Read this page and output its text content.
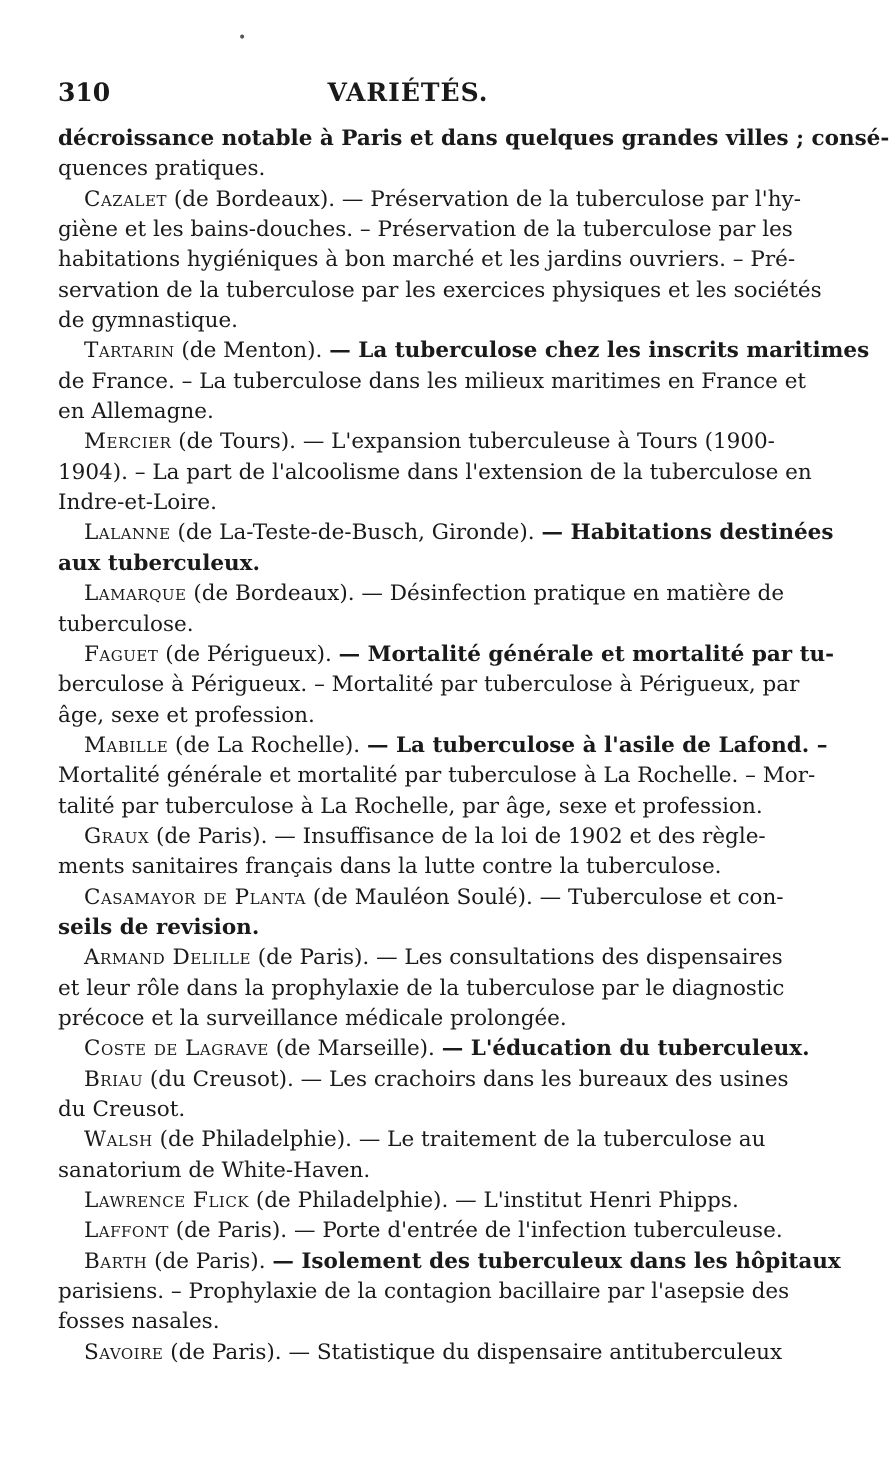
•
310	VARIÉTÉS.
décroissance notable à Paris et dans quelques grandes villes ; consé-
quences pratiques.
Cazalet (de Bordeaux). — Préservation de la tuberculose par l'hy-
giène et les bains-douches. – Préservation de la tuberculose par les
habitations hygiéniques à bon marché et les jardins ouvriers. – Pré-
servation de la tuberculose par les exercices physiques et les sociétés
de gymnastique.
Tartarin (de Menton). — La tuberculose chez les inscrits maritimes
de France. – La tuberculose dans les milieux maritimes en France et
en Allemagne.
Mercier (de Tours). — L'expansion tuberculeuse à Tours (1900-
1904). – La part de l'alcoolisme dans l'extension de la tuberculose en
Indre-et-Loire.
Lalanne (de La-Teste-de-Busch, Gironde). — Habitations destinées
aux tuberculeux.
Lamarque (de Bordeaux). — Désinfection pratique en matière de
tuberculose.
Faguet (de Périgueux). — Mortalité générale et mortalité par tu-
berculose à Périgueux. – Mortalité par tuberculose à Périgueux, par
âge, sexe et profession.
Mabille (de La Rochelle). — La tuberculose à l'asile de Lafond. –
Mortalité générale et mortalité par tuberculose à La Rochelle. – Mor-
talité par tuberculose à La Rochelle, par âge, sexe et profession.
Graux (de Paris). — Insuffisance de la loi de 1902 et des règle-
ments sanitaires français dans la lutte contre la tuberculose.
Casamayor de Planta (de Mauléon Soulé). — Tuberculose et con-
seils de revision.
Armand Delille (de Paris). — Les consultations des dispensaires
et leur rôle dans la prophylaxie de la tuberculose par le diagnostic
précoce et la surveillance médicale prolongée.
Coste de Lagrave (de Marseille). — L'éducation du tuberculeux.
Briau (du Creusot). — Les crachoirs dans les bureaux des usines
du Creusot.
Walsh (de Philadelphie). — Le traitement de la tuberculose au
sanatorium de White-Haven.
Lawrence Flick (de Philadelphie). — L'institut Henri Phipps.
Laffont (de Paris). — Porte d'entrée de l'infection tuberculeuse.
Barth (de Paris). — Isolement des tuberculeux dans les hôpitaux
parisiens. – Prophylaxie de la contagion bacillaire par l'asepsie des
fosses nasales.
Savoire (de Paris). — Statistique du dispensaire antituberculeux
